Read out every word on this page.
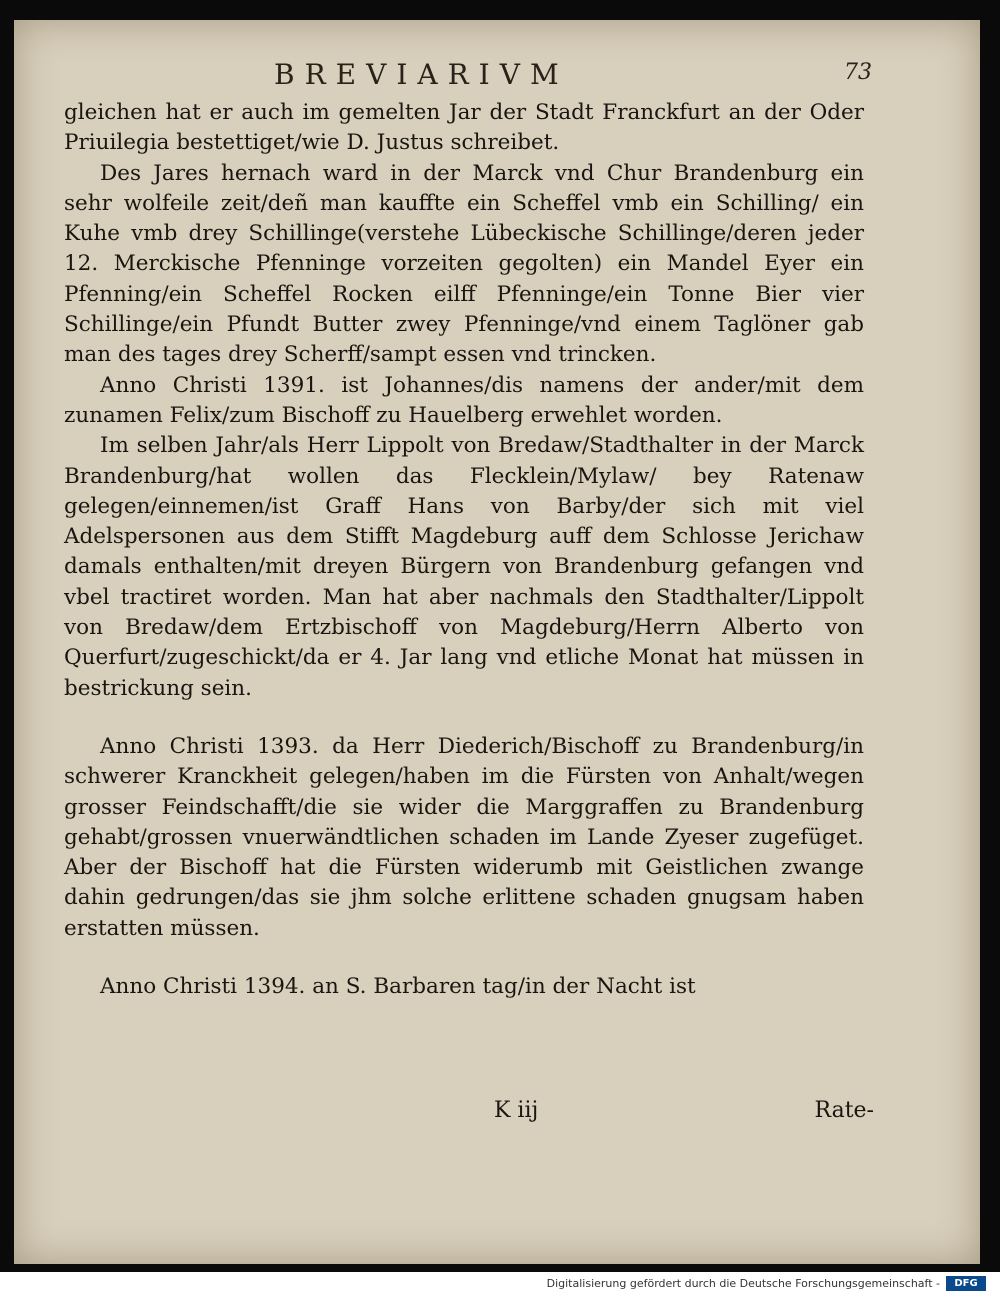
BREVIARIVM	73

gleichen hat er auch im gemelten Jar der Stadt Franckfurt an der Oder Priuilegia bestettiget/wie D. Justus schreibet.

Des Jares hernach ward in der Marck vnd Chur Brandenburg ein sehr wolfeile zeit/deñ man kauffte ein Scheffel vmb ein Schilling/ ein Kuhe vmb drey Schillinge(verstehe Lübeckische Schillinge/deren jeder 12. Merckische Pfenninge vorzeiten gegolten) ein Mandel Eyer ein Pfenning/ein Scheffel Rocken eilff Pfenninge/ein Tonne Bier vier Schillinge/ein Pfundt Butter zwey Pfenninge/vnd einem Taglöner gab man des tages drey Scherff/sampt essen vnd trincken.

Anno Christi 1391. ist Johannes/dis namens der ander/mit dem zunamen Felix/zum Bischoff zu Hauelberg erwehlet worden.

Im selben Jahr/als Herr Lippolt von Bredaw/Stadthalter in der Marck Brandenburg/hat wollen das Flecklein/Mylaw/ bey Ratenaw gelegen/einnemen/ist Graff Hans von Barby/der sich mit viel Adelspersonen aus dem Stifft Magdeburg auff dem Schlosse Jerichaw damals enthalten/mit dreyen Bürgern von Brandenburg gefangen vnd vbel tractiret worden. Man hat aber nachmals den Stadthalter/Lippolt von Bredaw/dem Ertzbischoff von Magdeburg/Herrn Alberto von Querfurt/zugeschickt/da er 4. Jar lang vnd etliche Monat hat müssen in bestrickung sein.

Anno Christi 1393. da Herr Diederich/Bischoff zu Brandenburg/in schwerer Kranckheit gelegen/haben im die Fürsten von Anhalt/wegen grosser Feindschafft/die sie wider die Marggraffen zu Brandenburg gehabt/grossen vnuerwändtlichen schaden im Lande Zyeser zugefüget. Aber der Bischoff hat die Fürsten widerumb mit Geistlichen zwange dahin gedrungen/das sie jhm solche erlittene schaden gnugsam haben erstatten müssen.

Anno Christi 1394. an S. Barbaren tag/in der Nacht ist

K iij	Rate-
Digitalisierung gefördert durch die Deutsche Forschungsgemeinschaft -	DFG
